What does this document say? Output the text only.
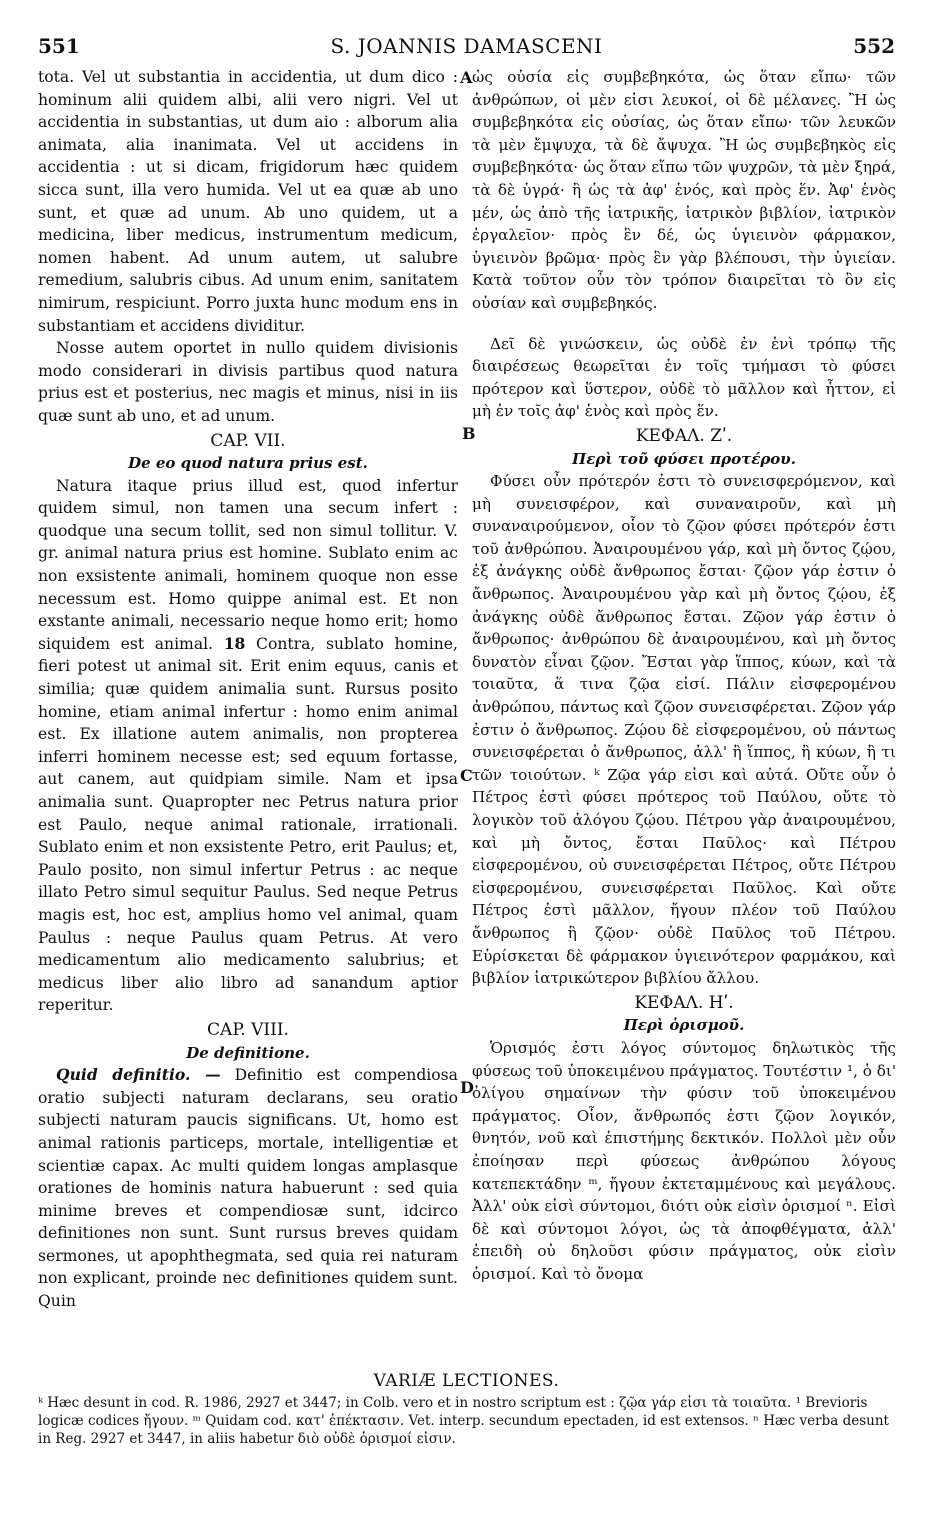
551	S. JOANNIS DAMASCENI	552
A
B
C
D

tota. Vel ut substantia in accidentia, ut dum dico : hominum alii quidem albi, alii vero nigri. Vel ut accidentia in substantias, ut dum aio : alborum alia animata, alia inanimata. Vel ut accidens in accidentia : ut si dicam, frigidorum hæc quidem sicca sunt, illa vero humida. Vel ut ea quæ ab uno sunt, et quæ ad unum. Ab uno quidem, ut a medicina, liber medicus, instrumentum medicum, nomen habent. Ad unum autem, ut salubre remedium, salubris cibus. Ad unum enim, sanitatem nimirum, respiciunt. Porro juxta hunc modum ens in substantiam et accidens dividitur.

Nosse autem oportet in nullo quidem divisionis modo considerari in divisis partibus quod natura prius est et posterius, nec magis et minus, nisi in iis quæ sunt ab uno, et ad unum.

CAP. VII.
De eo quod natura prius est.

Natura itaque prius illud est, quod infertur quidem simul, non tamen una secum infert : quodque una secum tollit, sed non simul tollitur. V. gr. animal natura prius est homine. Sublato enim ac non exsistente animali, hominem quoque non esse necessum est. Homo quippe animal est. Et non exstante animali, necessario neque homo erit; homo siquidem est animal. 18 Contra, sublato homine, fieri potest ut animal sit. Erit enim equus, canis et similia; quæ quidem animalia sunt. Rursus posito homine, etiam animal infertur : homo enim animal est. Ex illatione autem animalis, non propterea inferri hominem necesse est; sed equum fortasse, aut canem, aut quidpiam simile. Nam et ipsa animalia sunt. Quapropter nec Petrus natura prior est Paulo, neque animal rationale, irrationali. Sublato enim et non exsistente Petro, erit Paulus; et, Paulo posito, non simul infertur Petrus : ac neque illato Petro simul sequitur Paulus. Sed neque Petrus magis est, hoc est, amplius homo vel animal, quam Paulus : neque Paulus quam Petrus. At vero medicamentum alio medicamento salubrius; et medicus liber alio libro ad sanandum aptior reperitur.

CAP. VIII.
De definitione.

Quid definitio. — Definitio est compendiosa oratio subjecti naturam declarans, seu oratio subjecti naturam paucis significans. Ut, homo est animal rationis particeps, mortale, intelligentiæ et scientiæ capax. Ac multi quidem longas amplasque orationes de hominis natura habuerunt : sed quia minime breves et compendiosæ sunt, idcirco definitiones non sunt. Sunt rursus breves quidam sermones, ut apophthegmata, sed quia rei naturam non explicant, proinde nec definitiones quidem sunt. Quin

ὡς οὐσία εἰς συμβεβηκότα, ὡς ὅταν εἴπω· τῶν ἀνθρώπων, οἱ μὲν εἰσι λευκοί, οἱ δὲ μέλανες. Ἢ ὡς συμβεβηκότα εἰς οὐσίας, ὡς ὅταν εἴπω· τῶν λευκῶν τὰ μὲν ἔμψυχα, τὰ δὲ ἄψυχα. Ἢ ὡς συμβεβηκὸς εἰς συμβεβηκότα· ὡς ὅταν εἴπω τῶν ψυχρῶν, τὰ μὲν ξηρά, τὰ δὲ ὑγρά· ἢ ὡς τὰ ἀφ' ἑνός, καὶ πρὸς ἕν. Ἀφ' ἑνὸς μέν, ὡς ἀπὸ τῆς ἰατρικῆς, ἰατρικὸν βιβλίον, ἰατρικὸν ἐργαλεῖον· πρὸς ἓν δέ, ὡς ὑγιεινὸν φάρμακον, ὑγιεινὸν βρῶμα· πρὸς ἓν γὰρ βλέπουσι, τὴν ὑγιείαν. Κατὰ τοῦτον οὖν τὸν τρόπον διαιρεῖται τὸ ὂν εἰς οὐσίαν καὶ συμβεβηκός.

Δεῖ δὲ γινώσκειν, ὡς οὐδὲ ἐν ἑνὶ τρόπῳ τῆς διαιρέσεως θεωρεῖται ἐν τοῖς τμήμασι τὸ φύσει πρότερον καὶ ὕστερον, οὐδὲ τὸ μᾶλλον καὶ ἧττον, εἰ μὴ ἐν τοῖς ἀφ' ἑνὸς καὶ πρὸς ἕν.

ΚΕΦΑΛ. Ζʹ.
Περὶ τοῦ φύσει προτέρου.

Φύσει οὖν πρότερόν ἐστι τὸ συνεισφερόμενον, καὶ μὴ συνεισφέρον, καὶ συναναιροῦν, καὶ μὴ συναναιρούμενον, οἷον τὸ ζῷον φύσει πρότερόν ἐστι τοῦ ἀνθρώπου. Ἀναιρουμένου γάρ, καὶ μὴ ὄντος ζῴου, ἐξ ἀνάγκης οὐδὲ ἄνθρωπος ἔσται· ζῷον γάρ ἐστιν ὁ ἄνθρωπος. Ἀναιρουμένου γὰρ καὶ μὴ ὄντος ζῴου, ἐξ ἀνάγκης οὐδὲ ἄνθρωπος ἔσται. Ζῷον γάρ ἐστιν ὁ ἄνθρωπος· ἀνθρώπου δὲ ἀναιρουμένου, καὶ μὴ ὄντος δυνατὸν εἶναι ζῷον. Ἔσται γὰρ ἵππος, κύων, καὶ τὰ τοιαῦτα, ἅ τινα ζῷα εἰσί. Πάλιν εἰσφερομένου ἀνθρώπου, πάντως καὶ ζῷον συνεισφέρεται. Ζῷον γάρ ἐστιν ὁ ἄνθρωπος. Ζῴου δὲ εἰσφερομένου, οὐ πάντως συνεισφέρεται ὁ ἄνθρωπος, ἀλλ' ἢ ἵππος, ἢ κύων, ἢ τι τῶν τοιούτων. ᵏ Ζῷα γάρ εἰσι καὶ αὐτά. Οὔτε οὖν ὁ Πέτρος ἐστὶ φύσει πρότερος τοῦ Παύλου, οὔτε τὸ λογικὸν τοῦ ἀλόγου ζῴου. Πέτρου γὰρ ἀναιρουμένου, καὶ μὴ ὄντος, ἔσται Παῦλος· καὶ Πέτρου εἰσφερομένου, οὐ συνεισφέρεται Πέτρος, οὔτε Πέτρου εἰσφερομένου, συνεισφέρεται Παῦλος. Καὶ οὔτε Πέτρος ἐστὶ μᾶλλον, ἤγουν πλέον τοῦ Παύλου ἄνθρωπος ἢ ζῷον· οὐδὲ Παῦλος τοῦ Πέτρου. Εὑρίσκεται δὲ φάρμακον ὑγιεινότερον φαρμάκου, καὶ βιβλίον ἰατρικώτερον βιβλίου ἄλλου.

ΚΕΦΑΛ. Ηʹ.
Περὶ ὁρισμοῦ.

Ὁρισμός ἐστι λόγος σύντομος δηλωτικὸς τῆς φύσεως τοῦ ὑποκειμένου πράγματος. Τουτέστιν ¹, ὁ δι' ὀλίγου σημαίνων τὴν φύσιν τοῦ ὑποκειμένου πράγματος. Οἷον, ἄνθρωπός ἐστι ζῷον λογικόν, θνητόν, νοῦ καὶ ἐπιστήμης δεκτικόν. Πολλοὶ μὲν οὖν ἐποίησαν περὶ φύσεως ἀνθρώπου λόγους κατεπεκτάδην ᵐ, ἤγουν ἐκτεταμμένους καὶ μεγάλους. Ἀλλ' οὐκ εἰσὶ σύντομοι, διότι οὐκ εἰσὶν ὁρισμοί ⁿ. Εἰσὶ δὲ καὶ σύντομοι λόγοι, ὡς τὰ ἀποφθέγματα, ἀλλ' ἐπειδὴ οὐ δηλοῦσι φύσιν πράγματος, οὐκ εἰσὶν ὁρισμοί. Καὶ τὸ ὄνομα

VARIÆ LECTIONES.
ᵏ Hæc desunt in cod. R. 1986, 2927 et 3447; in Colb. vero et in nostro scriptum est : ζῷα γάρ εἰσι τὰ τοιαῦτα. ¹ Brevioris logicæ codices ἤγουν. ᵐ Quidam cod. κατ' ἐπέκτασιν. Vet. interp. secundum epectaden, id est extensos. ⁿ Hæc verba desunt in Reg. 2927 et 3447, in aliis habetur διὸ οὐδὲ ὁρισμοί εἰσιν.
